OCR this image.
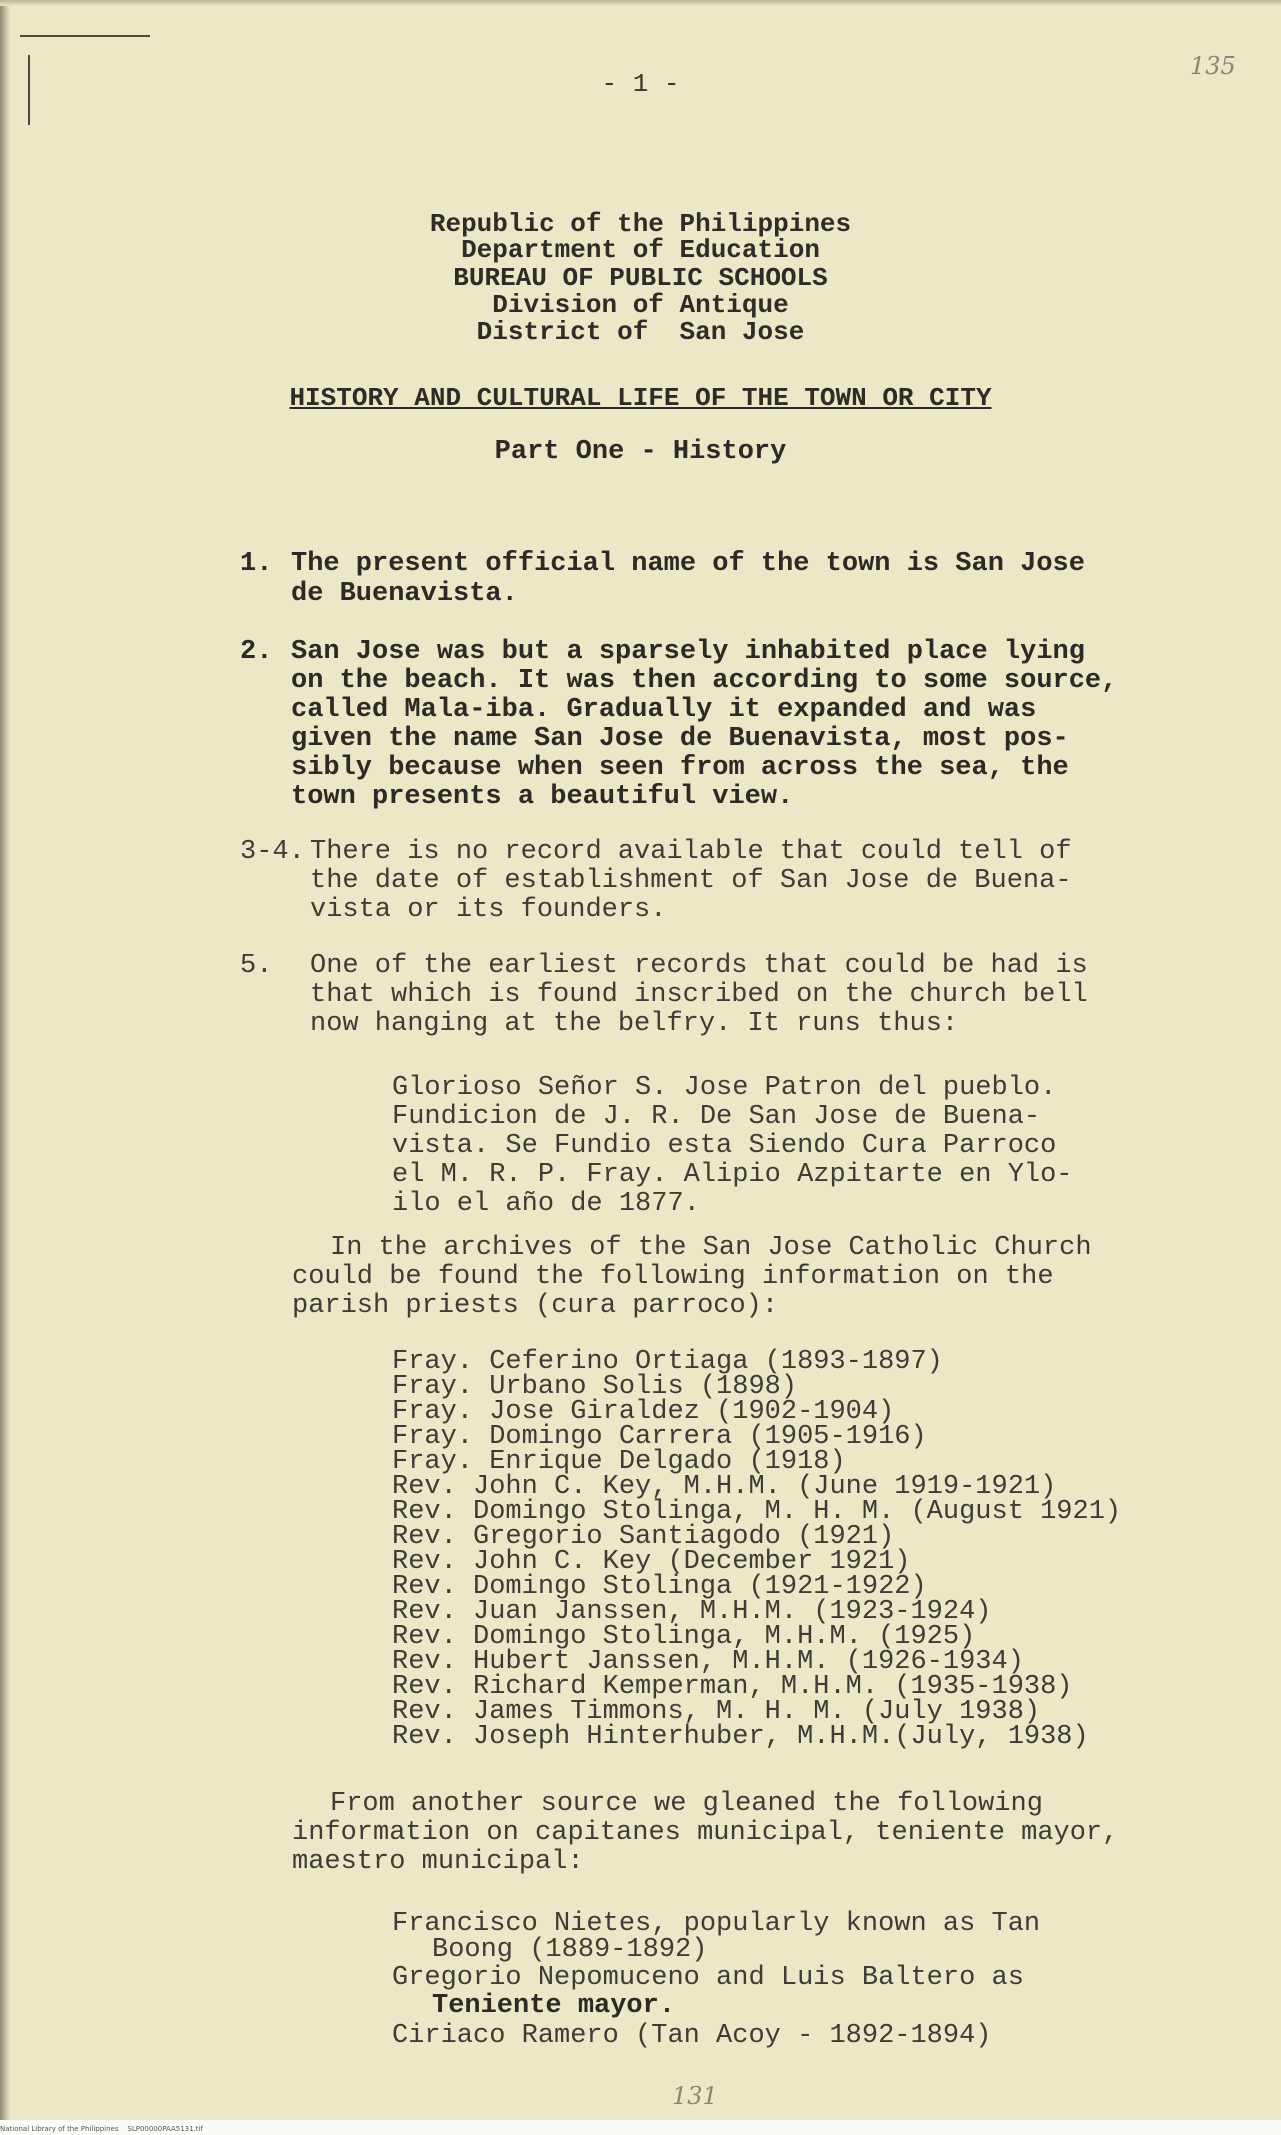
- 1 -
135
Republic of the Philippines
Department of Education
BUREAU OF PUBLIC SCHOOLS
Division of Antique
District of  San Jose
HISTORY AND CULTURAL LIFE OF THE TOWN OR CITY
Part One - History
1. The present official name of the town is San Jose
de Buenavista.
2. San Jose was but a sparsely inhabited place lying
on the beach. It was then according to some source,
called Mala-iba. Gradually it expanded and was
given the name San Jose de Buenavista, most pos-
sibly because when seen from across the sea, the
town presents a beautiful view.
3-4. There is no record available that could tell of
the date of establishment of San Jose de Buena-
vista or its founders.
5. One of the earliest records that could be had is
that which is found inscribed on the church bell
now hanging at the belfry. It runs thus:
Glorioso Señor S. Jose Patron del pueblo.
Fundicion de J. R. De San Jose de Buena-
vista. Se Fundio esta Siendo Cura Parroco
el M. R. P. Fray. Alipio Azpitarte en Ylo-
ilo el año de 1877.
In the archives of the San Jose Catholic Church
could be found the following information on the
parish priests (cura parroco):
Fray. Ceferino Ortiaga (1893-1897)
Fray. Urbano Solis (1898)
Fray. Jose Giraldez (1902-1904)
Fray. Domingo Carrera (1905-1916)
Fray. Enrique Delgado (1918)
Rev. John C. Key, M.H.M. (June 1919-1921)
Rev. Domingo Stolinga, M. H. M. (August 1921)
Rev. Gregorio Santiagodo (1921)
Rev. John C. Key (December 1921)
Rev. Domingo Stolinga (1921-1922)
Rev. Juan Janssen, M.H.M. (1923-1924)
Rev. Domingo Stolinga, M.H.M. (1925)
Rev. Hubert Janssen, M.H.M. (1926-1934)
Rev. Richard Kemperman, M.H.M. (1935-1938)
Rev. James Timmons, M. H. M. (July 1938)
Rev. Joseph Hinterhuber, M.H.M.(July, 1938)
From another source we gleaned the following
information on capitanes municipal, teniente mayor,
maestro municipal:
Francisco Nietes, popularly known as Tan
Boong (1889-1892)
Gregorio Nepomuceno and Luis Baltero as
Teniente mayor.
Ciriaco Ramero (Tan Acoy - 1892-1894)
131
National Library of the Philippines    SLP00000PAA5131.tif
